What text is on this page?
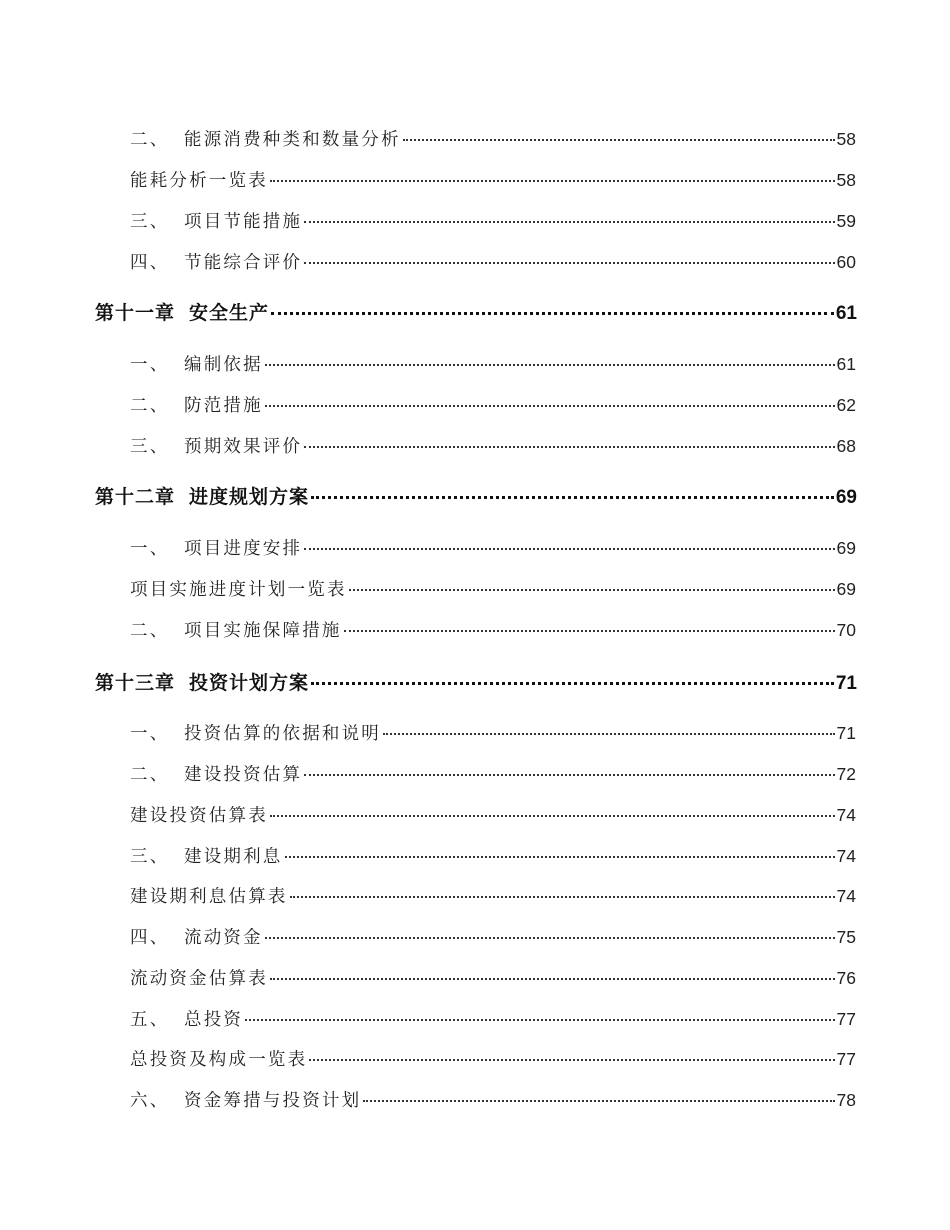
二、 能源消费种类和数量分析	58
能耗分析一览表	58
三、 项目节能措施	59
四、 节能综合评价	60
第十一章 安全生产	61
一、 编制依据	61
二、 防范措施	62
三、 预期效果评价	68
第十二章 进度规划方案	69
一、 项目进度安排	69
项目实施进度计划一览表	69
二、 项目实施保障措施	70
第十三章 投资计划方案	71
一、 投资估算的依据和说明	71
二、 建设投资估算	72
建设投资估算表	74
三、 建设期利息	74
建设期利息估算表	74
四、 流动资金	75
流动资金估算表	76
五、 总投资	77
总投资及构成一览表	77
六、 资金筹措与投资计划	78
